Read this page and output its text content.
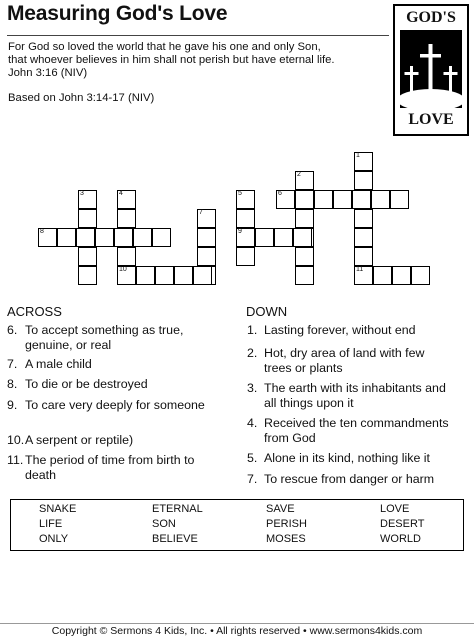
Measuring God's Love
For God so loved the world that he gave his one and only Son,
that whoever believes in him shall not perish but have eternal life.
John 3:16 (NIV)
Based on John 3:14-17 (NIV)
GOD'S
LOVE
1
11
2
3	4
10
5
9
6
7
8
ACROSS	DOWN
6. To accept something as true,
genuine, or real
7. A male child
8. To die or be destroyed
9. To care very deeply for someone
10. A serpent or reptile)
11. The period of time from birth to
death
1. Lasting forever, without end
2. Hot, dry area of land with few
trees or plants
3. The earth with its inhabitants and
all things upon it
4. Received the ten commandments
from God
5. Alone in its kind, nothing like it
7. To rescue from danger or harm
SNAKE	ETERNAL	SAVE	LOVE
LIFE	SON	PERISH	DESERT
ONLY	BELIEVE	MOSES	WORLD
Copyright © Sermons 4 Kids, Inc. • All rights reserved • www.sermons4kids.com
